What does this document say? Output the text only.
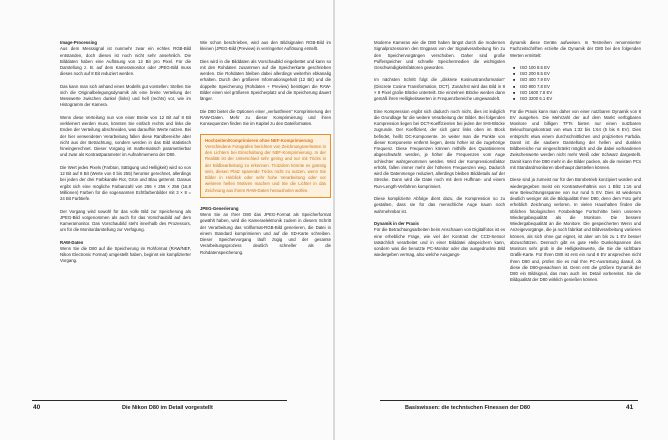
Image-Processing

Aus dem Messsignal ist nunmehr zwar ein echtes RGB-Bild entstanden, doch dieses ist noch nicht sehr ansehnlich. Die Bilddaten haben eine Auflösung von 12 Bit pro Pixel. Für die Darstellung z. B. auf dem Kameramonitor oder JPEG-Bild muss dieses noch auf 8 Bit reduziert werden.

Das kann man sich anhand eines Modells gut vorstellen: Stellen Sie sich die Originalbelegungsdynamik als eine breite Verteilung der Messwerte zwischen dunkel (links) und hell (rechts) vor, wie im Histogramm der Kamera.

Wenn diese Verteilung nun von einer Breite von 12 Bit auf 8 Bit verkleinert werden muss, könnten Sie einfach rechts und links die Enden der Verteilung abschneiden, was daraufhin Werte nutzen. Bei der hier verwendeten Verarbeitung fallen diese Randbereiche aber nicht aus der Betrachtung, sondern werden in das Bild statistisch hineingerechnet. Dieser Vorgang ist mathematisch parametrierbar und zwar als Kontrastparameter im Aufnahmemenü der D80.

Die Wert jedes Pixels (Farbton, Sättigung und Helligkeit) wird so von 12 Bit auf 8 Bit (Werte von 0 bis 255) herunter gerechnet, allerdings bei jeden der drei Farbkanäle Rot, Grün und Blau getrennt. Daraus ergibt sich eine mögliche Farbanzahl von 256 × 256 × 256 (16,8 Millionen) Farben für die sogenannten Echtfarbenbilder mit 3 × 8 = 24 Bit Farbtiefe.

Der Vorgang wird sowohl für das volle Bild zur Speicherung als JPEG-Bild vorgenommen als auch für das Vorschaubild auf dem Kameramonitor. Das Vorschaubild steht innerhalb des Prozessors, um für die Monitordarstellung zur Verfügung.

RAW-Daten

Wenn Sie die D80 auf die Speicherung im Rohformat (RAW/NEF, Nikon Electronic Format) umgestellt haben, beginnt ein komplizierter Vorgang.

Wie schon beschrieben, wird aus den Bildsignalen RGB-Bild im kleinen (JPEG-Bild (Preview) in verringerter Auflösung erstellt.

Dies wird in die Bilddaten als Vorschaubild eingebettet und kann so mit den Rohdaten zusammen auf die Speicherkarte geschrieben werden. Die Rohdaten bleiben dabei allerdings weiterhin ebkanalig erhalten. Durch den größeren Informationsgehalt (12 Bit) und die doppelte Speicherung (Rohdaten + Preview) benötigen die RAW-Bilder einen viel größeren Speicherplatz und die Speicherung dauert länger.

Die D80 bietet die Optionen einer „verlustfreien“ Komprimierung der RAW-Daten. Mehr zu dieser Komprimierung und ihren Konsequenzen finden Sie im Kapitel zu den Dateiformaten.

Hochzeiten/Komprimieren ohne NEF-Komprimierung
Verschiedene Fotografen berichten von Zeichnungsverlusten in den Lichtern bei Einschaltung der NEF-Komprimierung. In der Realität ist der Unterschied sehr gering und nur mit Tricks in der Bildbearbeitung zu erkennen. Trotzdem könnte es günstig sein, diesen Platz sparende Tricks nicht zu nutzen, wenn Sie Bilder in Hinblick oder sehr hohe Verarbeitung oder vor weiteren hellen Motiven machen und Sie die Lichter in das Zeichnung aus ihrem RAW-Daten herausholen wollen.
JPEG-Generierung

Wenn Sie an Ihrer D80 das JPEG-Format als Speicherformat gewählt haben, wird die Kameraelektronik zudem in diesem Schritt der Verarbeitung das Vollformat-RGB-Bild generieren, die Datei in einem Standard komprimieren und auf die SD-Karte schreiben. Dieser Speichervorgang läuft zügig und der gesamte Verarbeitungsprozess deutlich schneller als die Rohdatenspeicherung.

40	Die Nikon D80 im Detail vorgestellt

Moderne Kameras wie die D80 haben längst durch die modernen Signalprozessoren den Engpass von der Signalverarbeitung hin zu den Speichervorgängen verschoben. Daher sind große Pufferspeicher und schnelle Speichermedien die wichtigsten Geschwindigkeitsfaktoren geworden.

Im nächsten Schritt folgt die „diskrete Kosinustransformation“ (Discrete Cosine Transformation, DCT). Zunächst wird das Bild in 8 × 8 Pixel große Blöcke unterteilt. Die einzelnen Blöcke werden dann gemäß ihren Helligkeitswerten in Frequenzbereiche umgewandelt.

Eine Kompression ergibt sich dadurch noch nicht, dies ist lediglich die Grundlage für die weitere Verarbeitung der Bilder. Bei folgenden Kompression liegen bei DCT-Koeffizienten bei jeden der 8×8-Blöcke zugrunde. Der Koeffizient, der sich ganz links oben im Block befindet, heißt DC-Komponente. Je weiter man die Punkte von dieser Komponente entfernt liegen, desto höher ist die zugehörige Frequenz. Diese Frequenzen können mithilfe des Quantisierens abgeschwächt werden, je höher die Frequenzen vom Auge schlechter wahrgenommen werden. Wird der Kompressionsfaktor erhöht, fallen immer mehr der höheren Frequenzen weg. Dadurch wird die Datenmenge reduziert, allerdings bleiben Bilddetails auf der Strecke. Dann wird die Datei noch mit dem Huffman- und einem Run-Length-Verfahren komprimiert.

Diese komplizierte Abfolge dient dazu, die Kompression so zu gestalten, dass sie für das menschliche Auge kaum noch wahrnehmbar ist.

Dynamik in der Praxis

Für die Betrachtungsarbeiten beim Anschauen von Digitalfotos ist es eine erhebliche Frage, wie viel der Kontrast der CCD-Sensor tatsächlich verarbeitet und in einer Bilddatei abspeichern kann, sondern was die benutzte PC-Monitor oder das ausgedruckte Bild wiedergeben vermag, also welche Ausgangs-

dynamik diese Geräte aufweisen. In Testreihen renommierter Fachzeitschriften erzielte die Dynamik der D80 bei den folgenden Werten ermittelt:

■ ISO 100 8.5 EV
■ ISO 200 8.5 EV
■ ISO 400 7.9 EV
■ ISO 800 7.8 EV
■ ISO 1600 7.8 EV
■ ISO 3200 6.1 EV

Für die Praxis kann man daher von einer nutzbaren Dynamik von 8 EV ausgehen. Die Mehrzahl der auf dem Markt verfügbaren Monitore und billigen TFTs bieten nur einen nutzbaren Beleuchtungskontrast von etwa 1:32 bis 1:64 (5 bis 6 EV). Dies entspricht etwa einem durchschnittlichen und projizierten Farbdia. Damit ist die saubere Darstellung der hellen und dunklen Bildbereiche nur eingeschränkt möglich und die dabei vorhandenen Zwischenwerte werden nicht mehr Weiß oder Schwarz dargestellt. Damit kann Ihre D80 mehr in die Bilder packen, als die meisten PCs mit Standardmonitoren überhaupt darstellen können.

Diese sind ja zumeist nur für den Bürobetrieb konzipiert worden und wiedergegeben meist ein Kontrastverhältnis von 1 Blitz 1:16 und eine Beleuchtungsspanne von nur rund 5 EV. Dies ist wiederum deutlich weniger als die Bildqualität Ihrer D80, denn dem Foto geht erheblich Zeichnung verloren. In vielen Haushalten finden die üblichen fotologischen Fotobeiträge Fortschritte beim unserem Wiedergabequalität als die Monitore. Die bessere Wiedergabequalität an die Monitore. Die gespeicherten Wenn und Anzeigevorgänge, die ja noch fabrikat und Bildverarbeitung variieren können, als sich ohne gut eignet, ist aber um bis zu 1 EV besser abzuschätzen. Dennoch gibt es gute Helle Dunkelspannen des Monitors sehr grob in die Helligkeitswerte, die Sie die sichtbare Grafik-Karte. Für Ihren D80 ist erst ein rund 8 EV ansprechen nicht Ihren D80 und, prüfen Sie es mal Ihre PC-Ausrüstung darauf, ob diese die D80-gewachsen ist. Denn erst die größere Dynamik der D80 ein Bildsignal, das man auch ins Detail vorbereitet. Sie die Bildqualität der D80 wirklich genießen können.

Basiswissen: die technischen Finessen der D80	41
